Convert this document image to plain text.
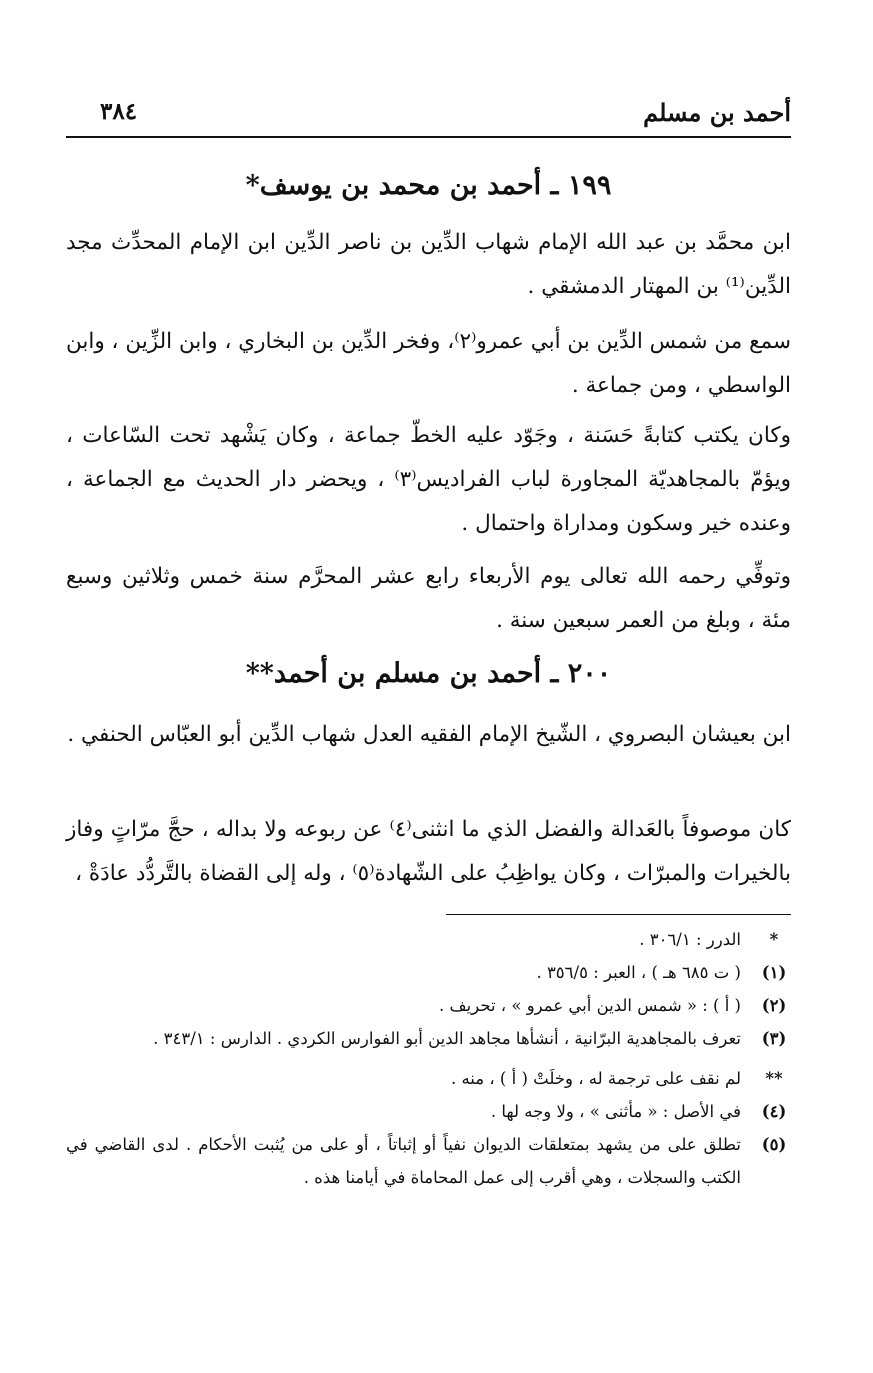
أحمد بن مسلم
٣٨٤
١٩٩ ـ أحمد بن محمد بن يوسف*

ابن محمَّد بن عبد الله الإمام شهاب الدِّين بن ناصر الدِّين ابن الإمام المحدِّث مجد الدِّين⁽¹⁾ بن المهتار الدمشقي .

سمع من شمس الدِّين بن أبي عمرو⁽٢⁾، وفخر الدِّين بن البخاري ، وابن الزِّين ، وابن الواسطي ، ومن جماعة .

وكان يكتب كتابةً حَسَنة ، وجَوّد عليه الخطّ جماعة ، وكان يَشْهد تحت السّاعات ، ويؤمّ بالمجاهديّة المجاورة لباب الفراديس⁽٣⁾ ، ويحضر دار الحديث مع الجماعة ، وعنده خير وسكون ومداراة واحتمال .

وتوفِّي رحمه الله تعالى يوم الأربعاء رابع عشر المحرَّم سنة خمس وثلاثين وسبع مئة ، وبلغ من العمر سبعين سنة .

٢٠٠ ـ أحمد بن مسلم بن أحمد**

ابن بعيشان البصروي ، الشّيخ الإمام الفقيه العدل شهاب الدِّين أبو العبّاس الحنفي .

كان موصوفاً بالعَدالة والفضل الذي ما انثنى⁽٤⁾ عن ربوعه ولا بداله ، حجَّ مرّاتٍ وفاز بالخيرات والمبرّات ، وكان يواظِبُ على الشّهادة⁽٥⁾ ، وله إلى القضاة بالتَّردُّد عادَةْ ،

*
الدرر : ٣٠٦/١ .
(١)
( ت ٦٨٥ هـ ) ، العبر : ٣٥٦/٥ .
(٢)
( أ ) : « شمس الدين أبي عمرو » ، تحريف .
(٣)
تعرف بالمجاهدية البرّانية ، أنشأها مجاهد الدين أبو الفوارس الكردي . الدارس : ٣٤٣/١ .
**
لم نقف على ترجمة له ، وخلَتْ ( أ ) ، منه .
(٤)
في الأصل : « مأثنى » ، ولا وجه لها .
(٥)
تطلق على من يشهد بمتعلقات الديوان نفياً أو إثباتاً ، أو على من يُثبت الأحكام . لدى القاضي في الكتب والسجلات ، وهي أقرب إلى عمل المحاماة في أيامنا هذه .
